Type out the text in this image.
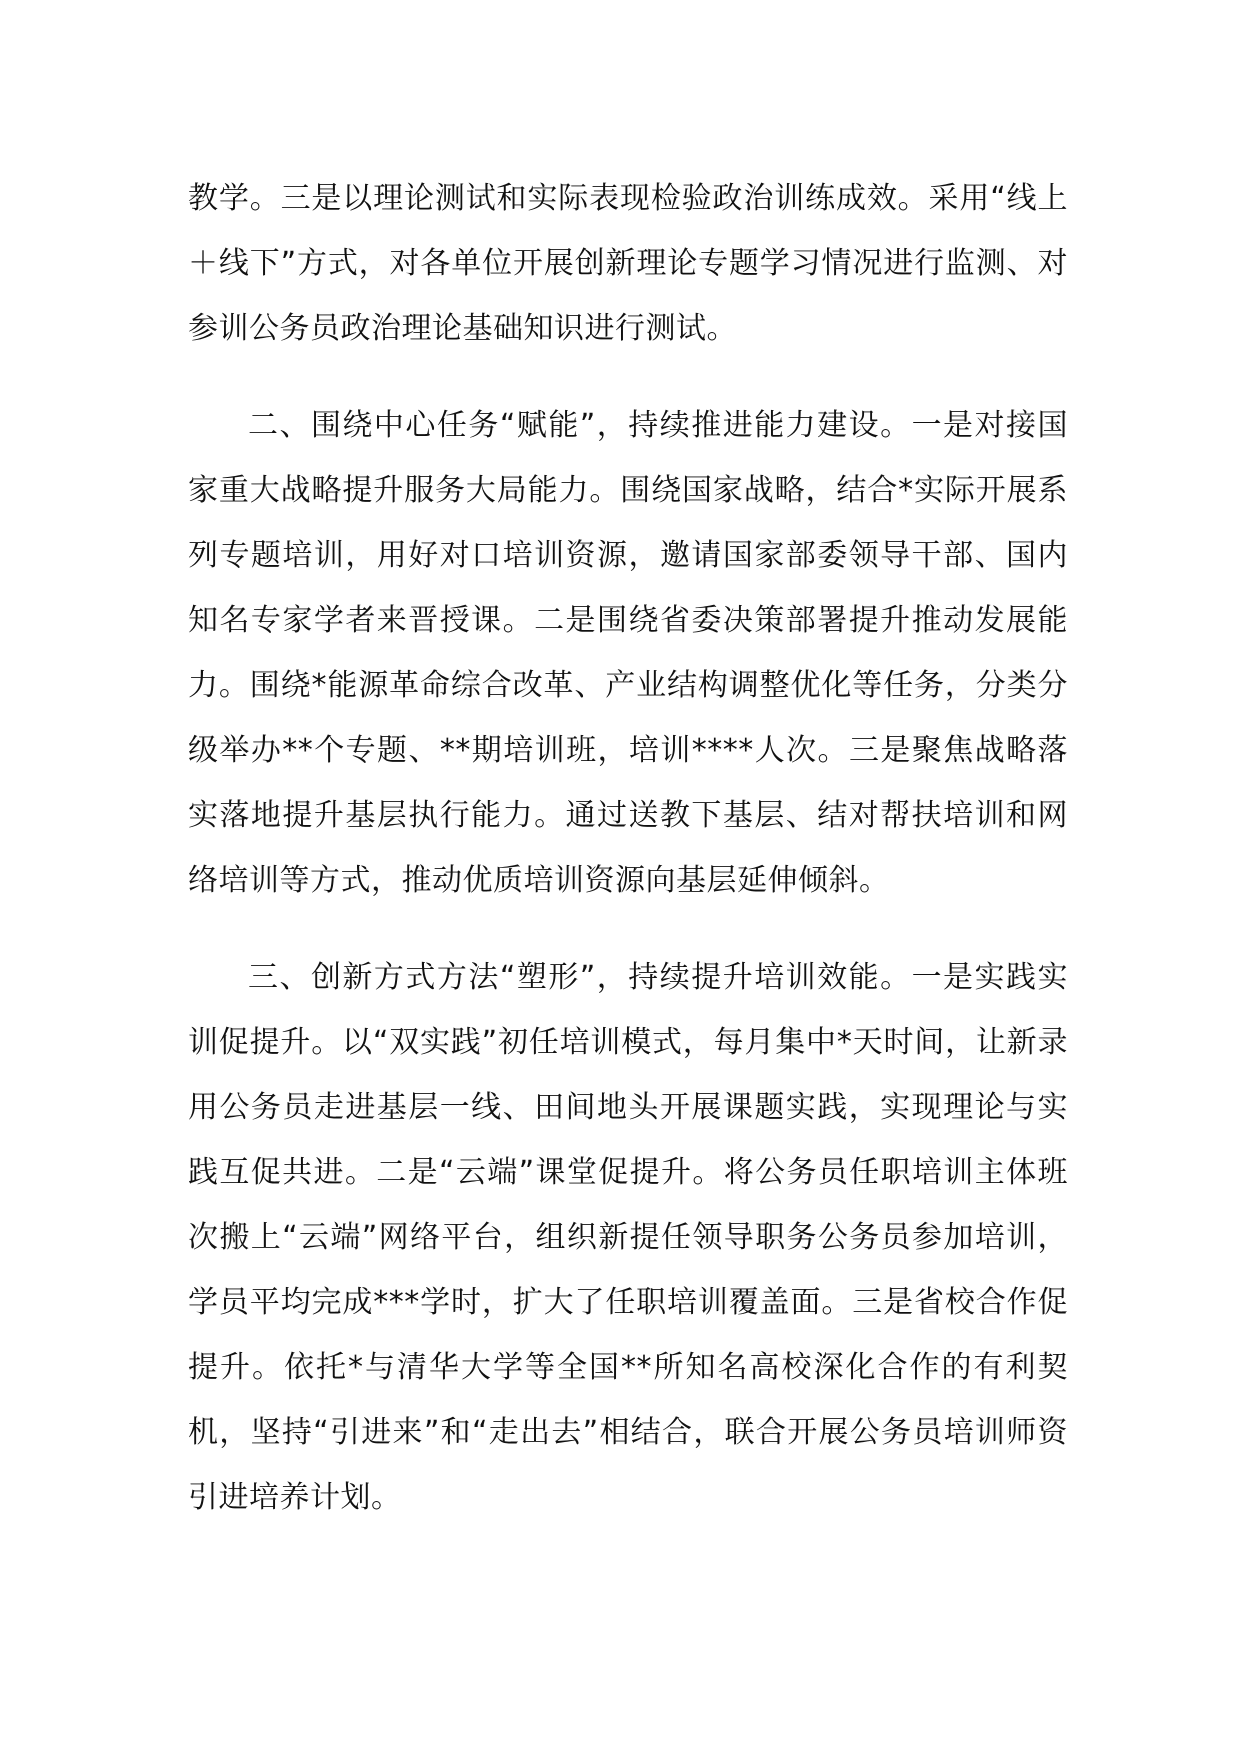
教学。三是以理论测试和实际表现检验政治训练成效。采用“线上＋线下”方式，对各单位开展创新理论专题学习情况进行监测、对参训公务员政治理论基础知识进行测试。

二、围绕中心任务“赋能”，持续推进能力建设。一是对接国家重大战略提升服务大局能力。围绕国家战略，结合*实际开展系列专题培训，用好对口培训资源，邀请国家部委领导干部、国内知名专家学者来晋授课。二是围绕省委决策部署提升推动发展能力。围绕*能源革命综合改革、产业结构调整优化等任务，分类分级举办**个专题、**期培训班，培训****人次。三是聚焦战略落实落地提升基层执行能力。通过送教下基层、结对帮扶培训和网络培训等方式，推动优质培训资源向基层延伸倾斜。

三、创新方式方法“塑形”，持续提升培训效能。一是实践实训促提升。以“双实践”初任培训模式，每月集中*天时间，让新录用公务员走进基层一线、田间地头开展课题实践，实现理论与实践互促共进。二是“云端”课堂促提升。将公务员任职培训主体班次搬上“云端”网络平台，组织新提任领导职务公务员参加培训，学员平均完成***学时，扩大了任职培训覆盖面。三是省校合作促提升。依托*与清华大学等全国**所知名高校深化合作的有利契机，坚持“引进来”和“走出去”相结合，联合开展公务员培训师资引进培养计划。
